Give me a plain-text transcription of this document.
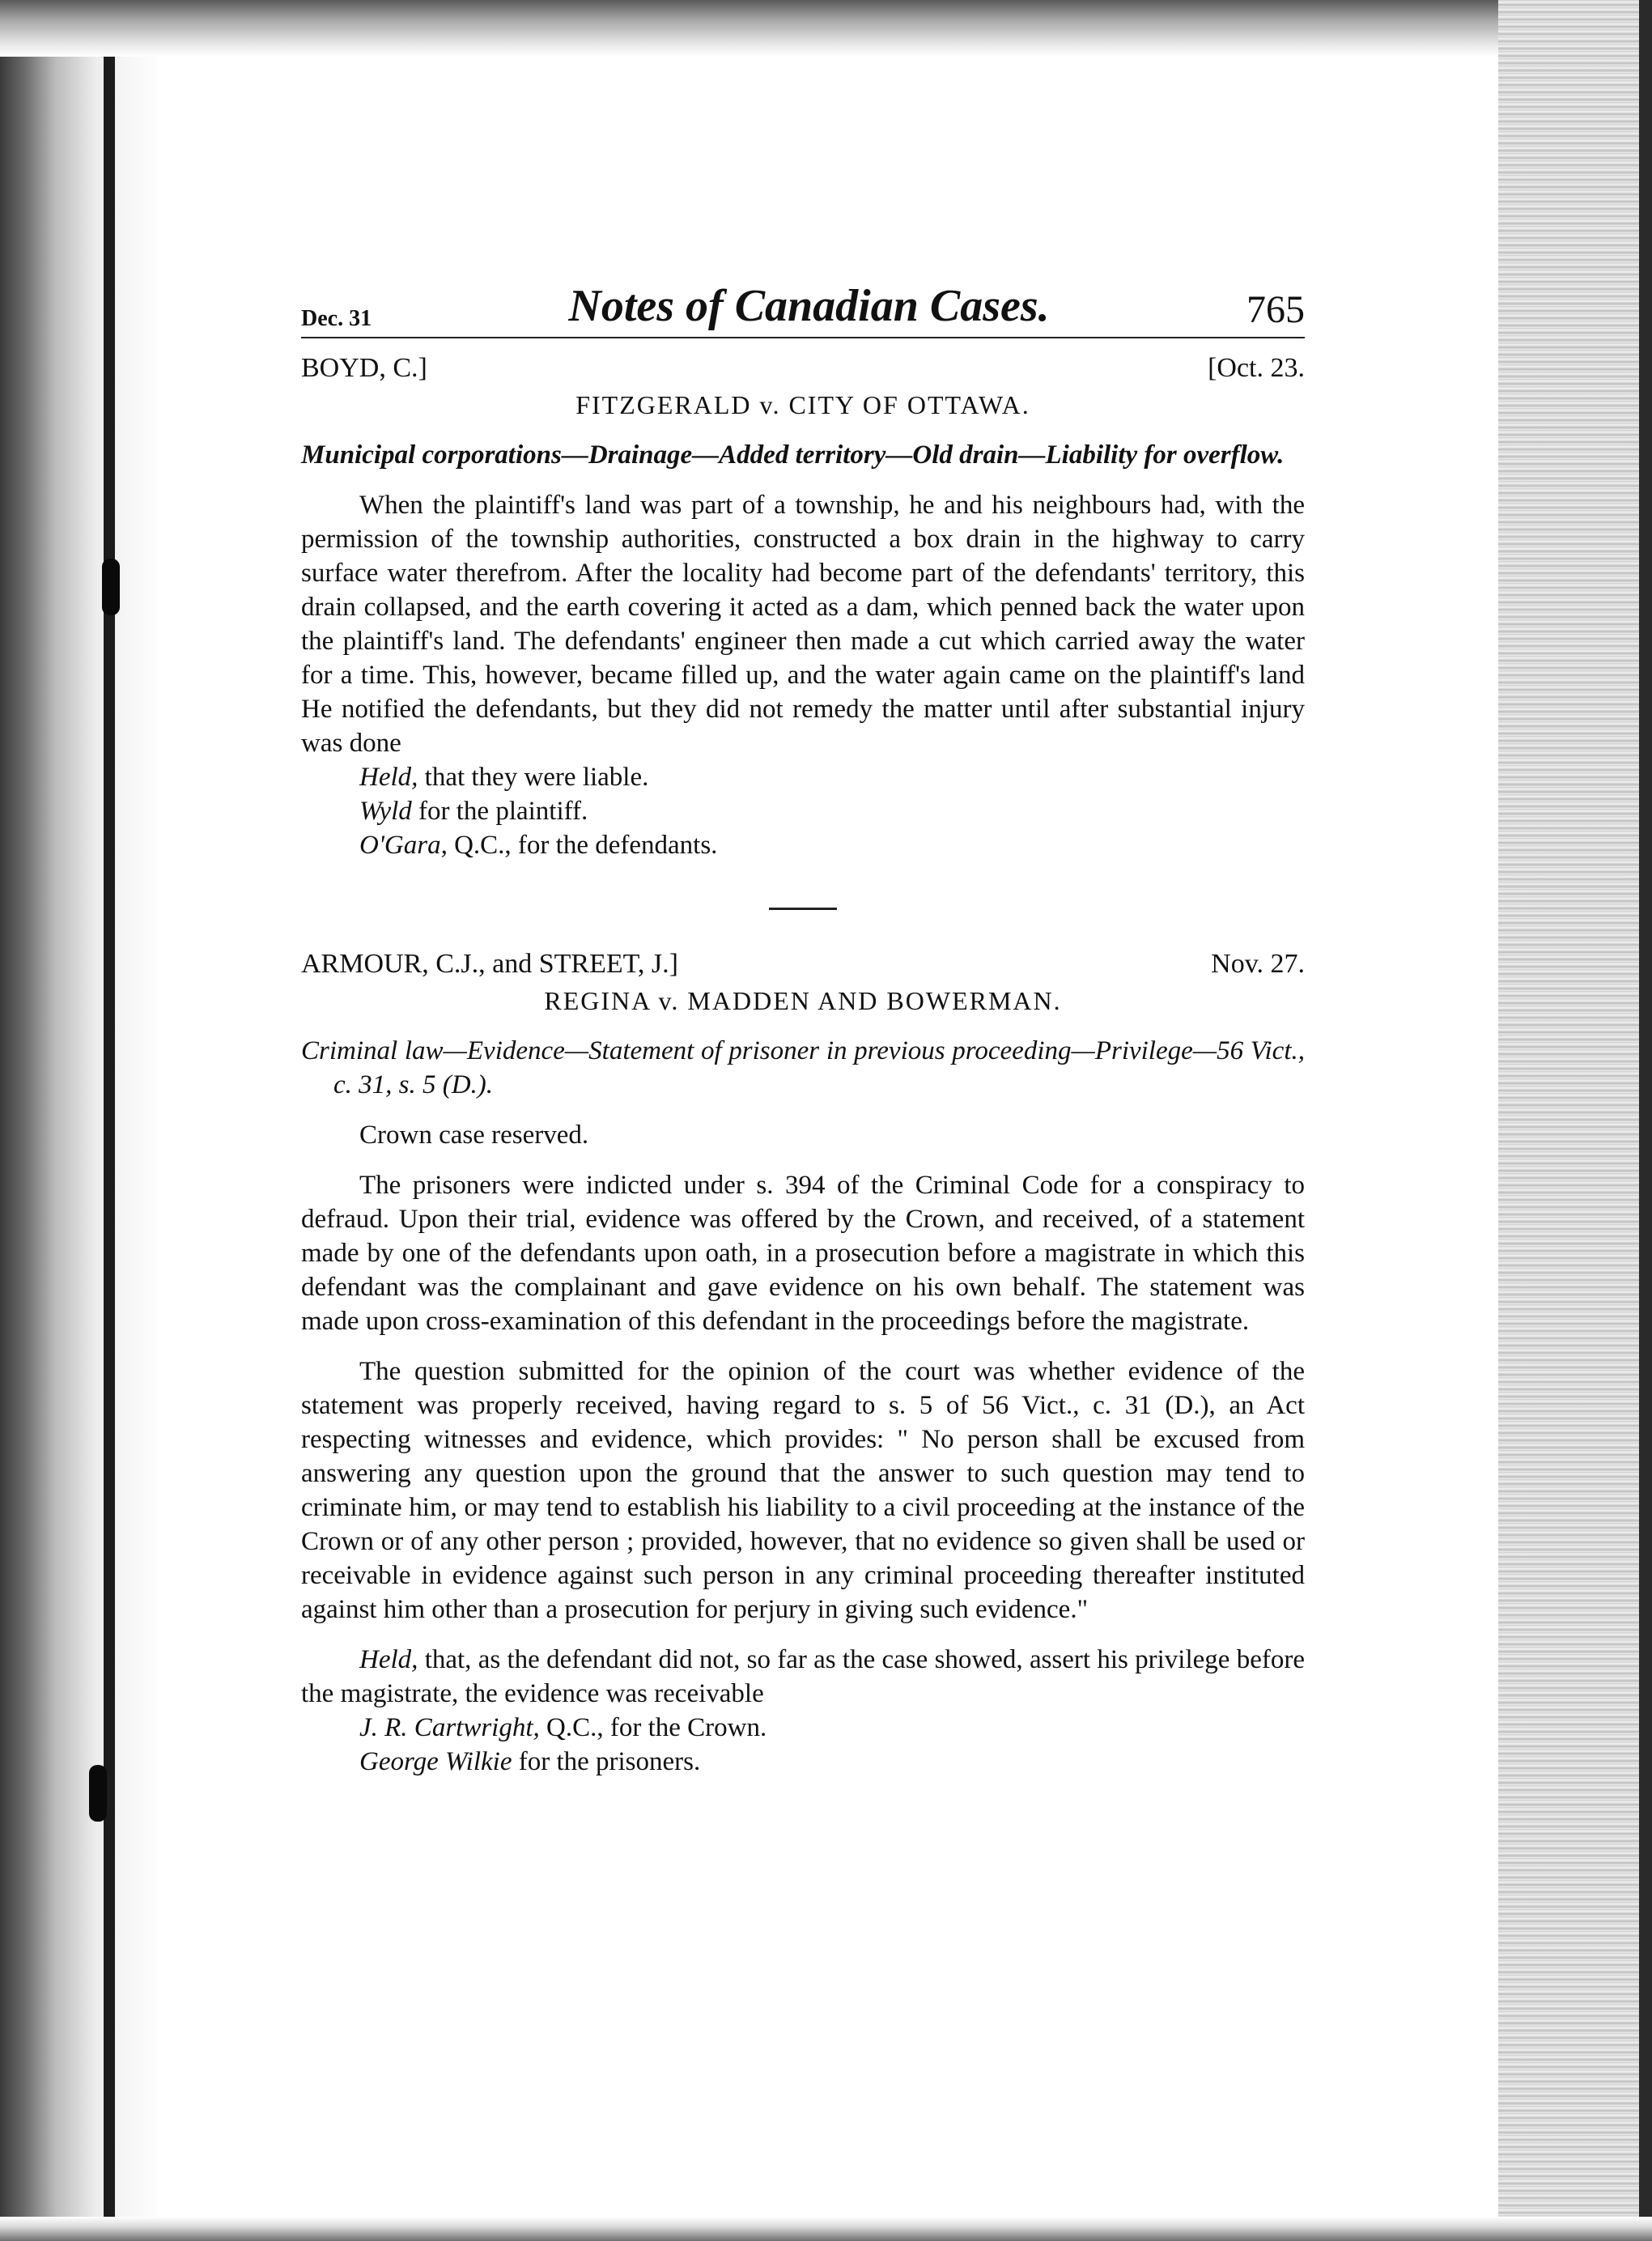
Dec. 31	Notes of Canadian Cases.	765
BOYD, C.]	[Oct. 23.
FITZGERALD v. CITY OF OTTAWA.
Municipal corporations—Drainage—Added territory—Old drain—Liability for overflow.
When the plaintiff's land was part of a township, he and his neighbours had, with the permission of the township authorities, constructed a box drain in the highway to carry surface water therefrom. After the locality had become part of the defendants' territory, this drain collapsed, and the earth covering it acted as a dam, which penned back the water upon the plaintiff's land. The defendants' engineer then made a cut which carried away the water for a time. This, however, became filled up, and the water again came on the plaintiff's land He notified the defendants, but they did not remedy the matter until after substantial injury was done
Held, that they were liable.
Wyld for the plaintiff.
O'Gara, Q.C., for the defendants.
ARMOUR, C.J., and STREET, J.]	Nov. 27.
REGINA v. MADDEN AND BOWERMAN.
Criminal law—Evidence—Statement of prisoner in previous proceeding—Privilege—56 Vict., c. 31, s. 5 (D.).
Crown case reserved.
The prisoners were indicted under s. 394 of the Criminal Code for a conspiracy to defraud. Upon their trial, evidence was offered by the Crown, and received, of a statement made by one of the defendants upon oath, in a prosecution before a magistrate in which this defendant was the complainant and gave evidence on his own behalf. The statement was made upon cross-examination of this defendant in the proceedings before the magistrate.
The question submitted for the opinion of the court was whether evidence of the statement was properly received, having regard to s. 5 of 56 Vict., c. 31 (D.), an Act respecting witnesses and evidence, which provides: " No person shall be excused from answering any question upon the ground that the answer to such question may tend to criminate him, or may tend to establish his liability to a civil proceeding at the instance of the Crown or of any other person ; provided, however, that no evidence so given shall be used or receivable in evidence against such person in any criminal proceeding thereafter instituted against him other than a prosecution for perjury in giving such evidence."
Held, that, as the defendant did not, so far as the case showed, assert his privilege before the magistrate, the evidence was receivable
J. R. Cartwright, Q.C., for the Crown.
George Wilkie for the prisoners.
